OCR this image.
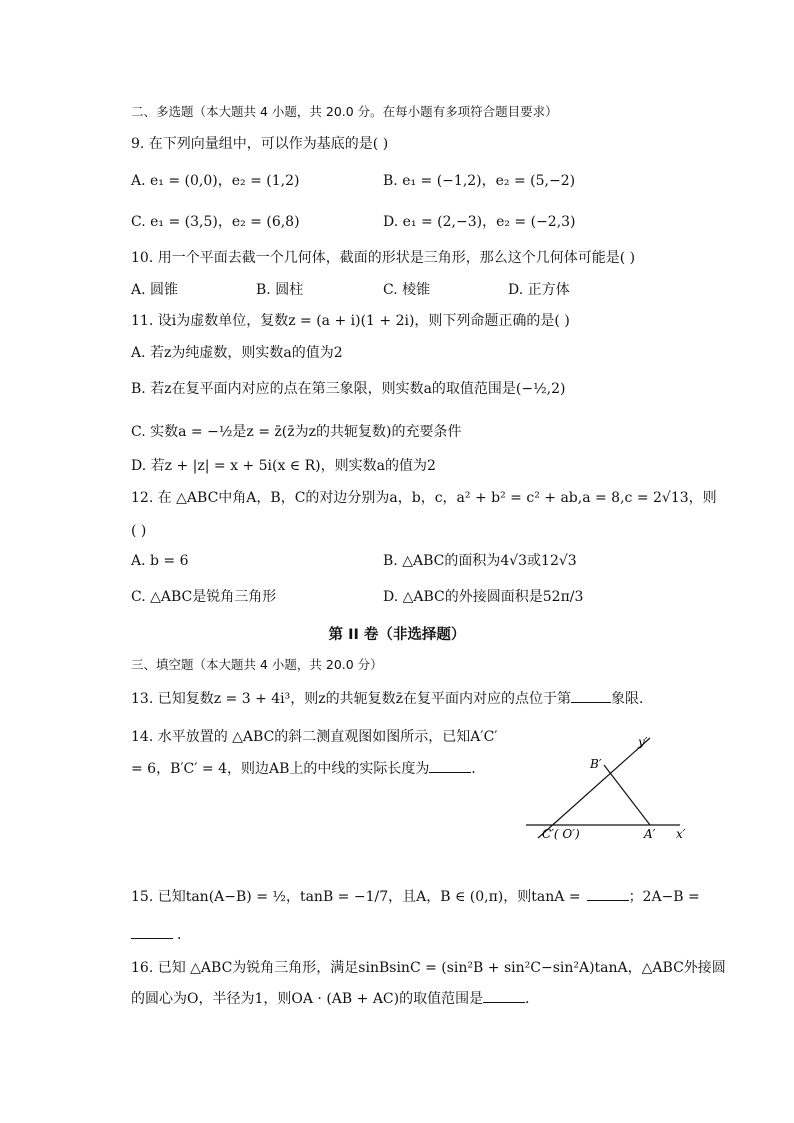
二、多选题（本大题共 4 小题，共 20.0 分。在每小题有多项符合题目要求）
9. 在下列向量组中，可以作为基底的是( )
A. e₁ = (0,0)，e₂ = (1,2)	B. e₁ = (−1,2)，e₂ = (5,−2)
C. e₁ = (3,5)，e₂ = (6,8)	D. e₁ = (2,−3)，e₂ = (−2,3)
10. 用一个平面去截一个几何体，截面的形状是三角形，那么这个几何体可能是( )
A. 圆锥	B. 圆柱	C. 棱锥	D. 正方体
11. 设i为虚数单位，复数z = (a + i)(1 + 2i)，则下列命题正确的是( )
A. 若z为纯虚数，则实数a的值为2
B. 若z在复平面内对应的点在第三象限，则实数a的取值范围是(−½,2)
C. 实数a = −½是z = z̄(z̄为z的共轭复数)的充要条件
D. 若z + |z| = x + 5i(x ∈ R)，则实数a的值为2
12. 在 △ABC中角A，B，C的对边分别为a，b，c，a² + b² = c² + ab,a = 8,c = 2√13，则
( )
A. b = 6	B. △ABC的面积为4√3或12√3
C. △ABC是锐角三角形	D. △ABC的外接圆面积是52π/3
第 II 卷（非选择题）
三、填空题（本大题共 4 小题，共 20.0 分）
13. 已知复数z = 3 + 4i³，则z的共轭复数z̄在复平面内对应的点位于第	象限．
14. 水平放置的 △ABC的斜二测直观图如图所示，已知A′C′
= 6，B′C′ = 4，则边AB上的中线的实际长度为	．
y′
B′
C′( O′)	A′ x′
15. 已知tan(A−B) = ½，tanB = −1/7，且A，B ∈ (0,π)，则tanA =	；2A−B =
．
16. 已知 △ABC为锐角三角形，满足sinBsinC = (sin²B + sin²C−sin²A)tanA，△ABC外接圆
的圆心为O，半径为1，则OA · (AB + AC)的取值范围是	．
